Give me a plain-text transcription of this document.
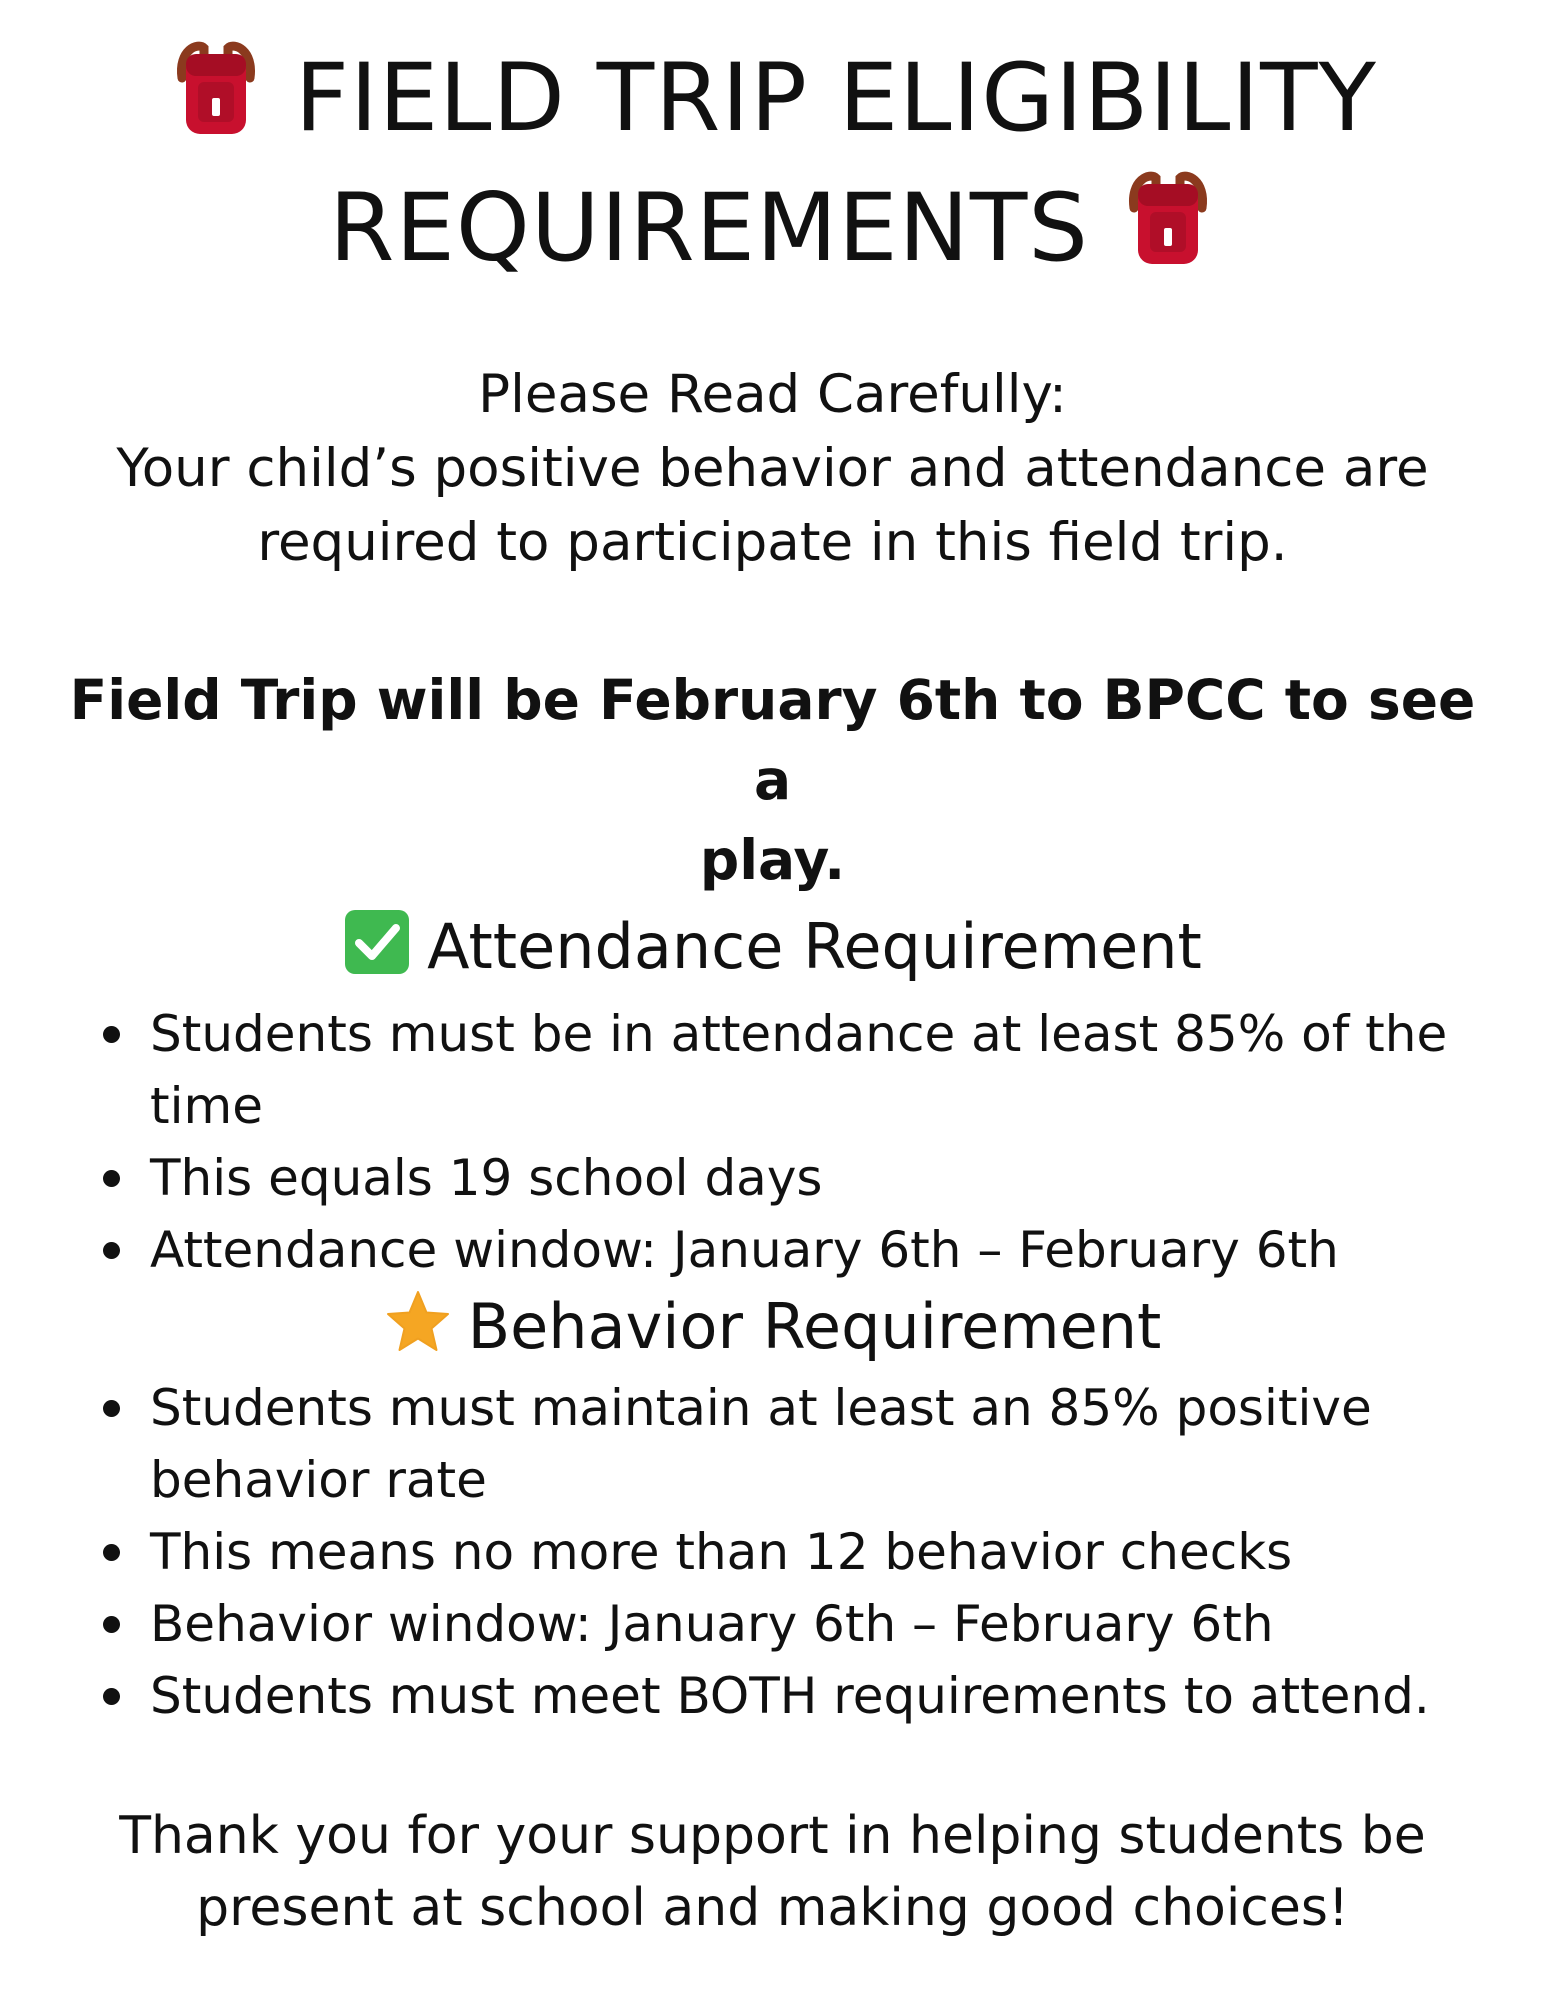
FIELD TRIP ELIGIBILITY
REQUIREMENTS
Please Read Carefully:
Your child’s positive behavior and attendance are
required to participate in this field trip.
Field Trip will be February 6th to BPCC to see a
play.
Attendance Requirement
Students must be in attendance at least 85% of the time
This equals 19 school days
Attendance window: January 6th – February 6th
Behavior Requirement
Students must maintain at least an 85% positive behavior rate
This means no more than 12 behavior checks
Behavior window: January 6th – February 6th
Students must meet BOTH requirements to attend.
Thank you for your support in helping students be
present at school and making good choices!
